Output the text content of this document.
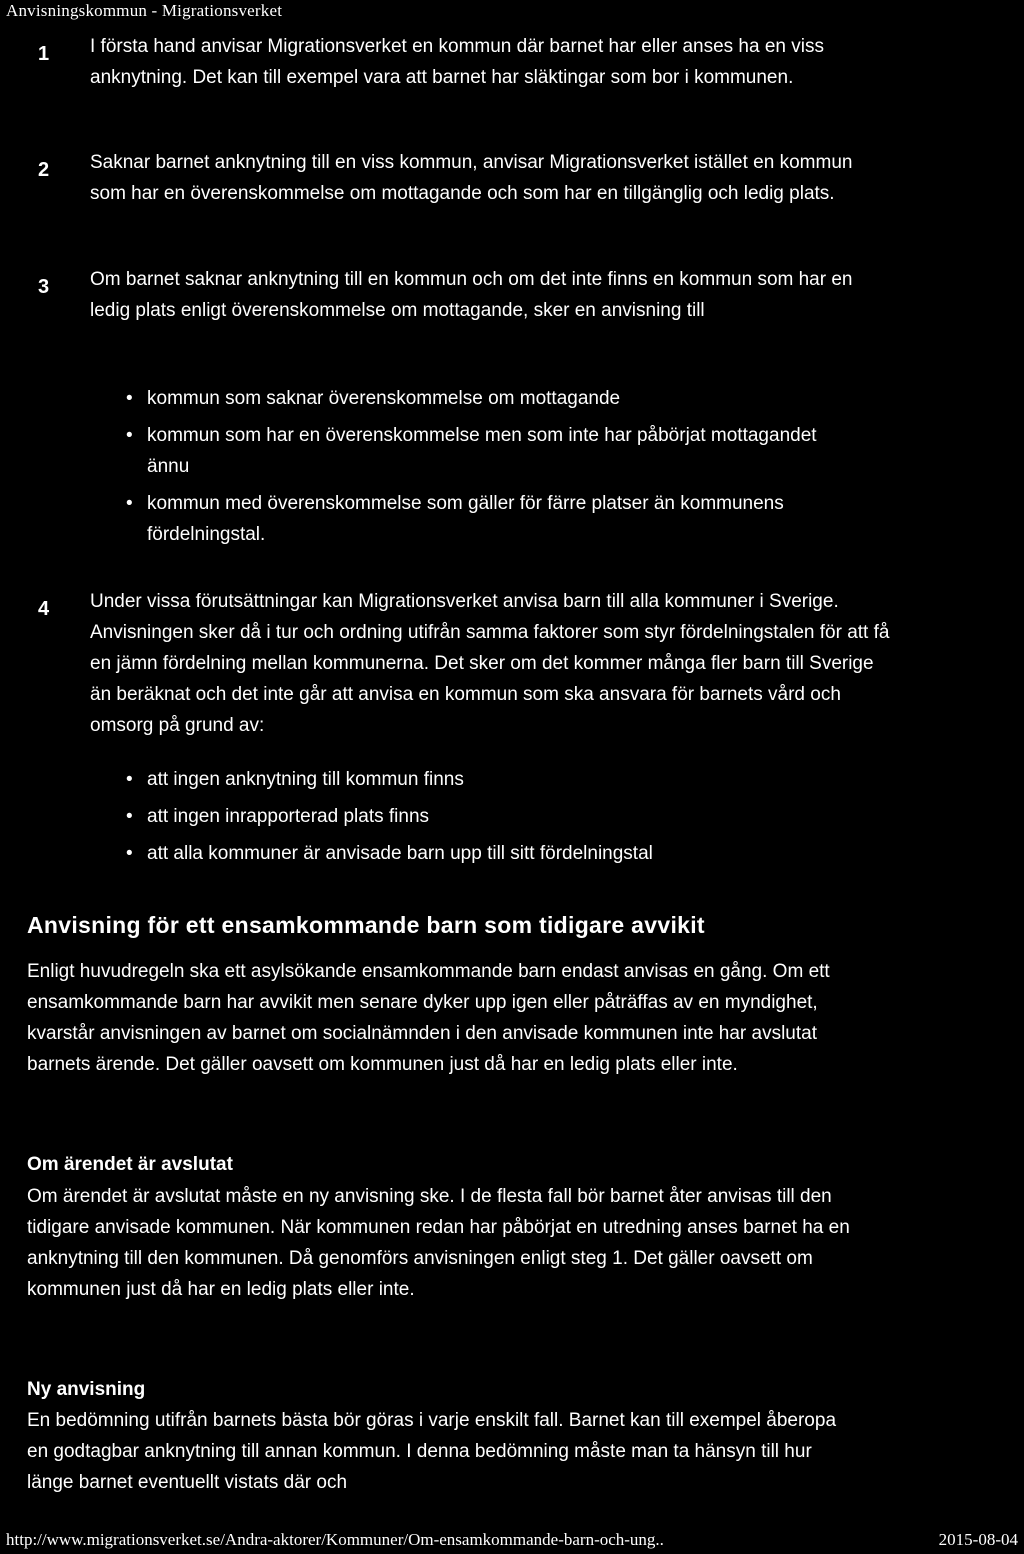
Anvisningskommun - Migrationsverket
1 I första hand anvisar Migrationsverket en kommun där barnet har eller anses ha en viss anknytning. Det kan till exempel vara att barnet har släktingar som bor i kommunen.
2 Saknar barnet anknytning till en viss kommun, anvisar Migrationsverket istället en kommun som har en överenskommelse om mottagande och som har en tillgänglig och ledig plats.
3 Om barnet saknar anknytning till en kommun och om det inte finns en kommun som har en ledig plats enligt överenskommelse om mottagande, sker en anvisning till
• kommun som saknar överenskommelse om mottagande
• kommun som har en överenskommelse men som inte har påbörjat mottagandet ännu
• kommun med överenskommelse som gäller för färre platser än kommunens fördelningstal.
4 Under vissa förutsättningar kan Migrationsverket anvisa barn till alla kommuner i Sverige. Anvisningen sker då i tur och ordning utifrån samma faktorer som styr fördelningstalen för att få en jämn fördelning mellan kommunerna. Det sker om det kommer många fler barn till Sverige än beräknat och det inte går att anvisa en kommun som ska ansvara för barnets vård och omsorg på grund av:
• att ingen anknytning till kommun finns
• att ingen inrapporterad plats finns
• att alla kommuner är anvisade barn upp till sitt fördelningstal
Anvisning för ett ensamkommande barn som tidigare avvikit
Enligt huvudregeln ska ett asylsökande ensamkommande barn endast anvisas en gång. Om ett ensamkommande barn har avvikit men senare dyker upp igen eller påträffas av en myndighet, kvarstår anvisningen av barnet om socialnämnden i den anvisade kommunen inte har avslutat barnets ärende. Det gäller oavsett om kommunen just då har en ledig plats eller inte.
Om ärendet är avslutat
Om ärendet är avslutat måste en ny anvisning ske. I de flesta fall bör barnet åter anvisas till den tidigare anvisade kommunen. När kommunen redan har påbörjat en utredning anses barnet ha en anknytning till den kommunen. Då genomförs anvisningen enligt steg 1. Det gäller oavsett om kommunen just då har en ledig plats eller inte.
Ny anvisning
En bedömning utifrån barnets bästa bör göras i varje enskilt fall. Barnet kan till exempel åberopa en godtagbar anknytning till annan kommun. I denna bedömning måste man ta hänsyn till hur länge barnet eventuellt vistats där och
http://www.migrationsverket.se/Andra-aktorer/Kommuner/Om-ensamkommande-barn-och-ung..	2015-08-04
